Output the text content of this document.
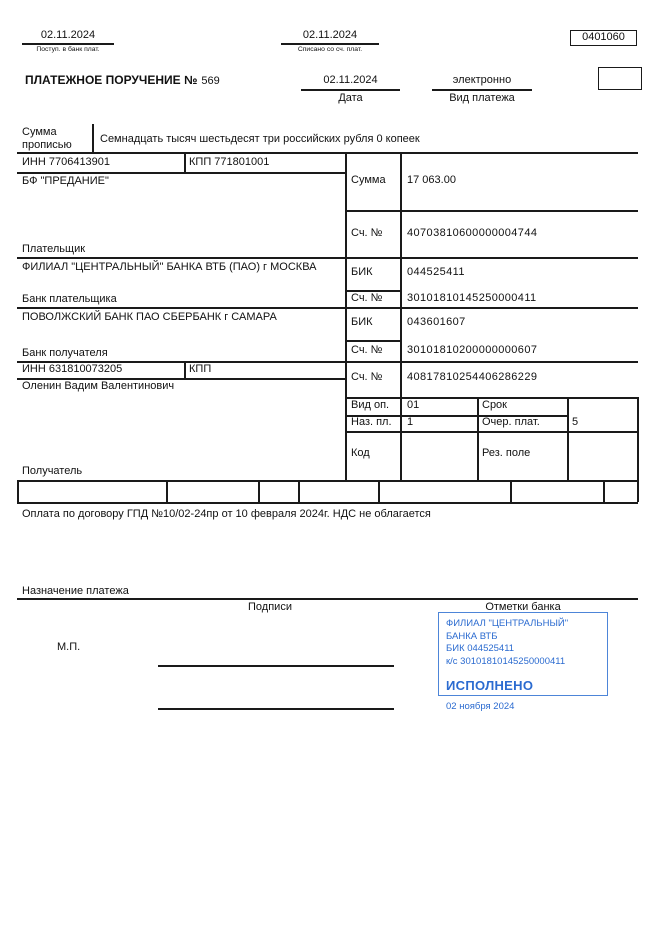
02.11.2024
Поступ. в банк плат.
02.11.2024
Списано со сч. плат.
0401060
ПЛАТЕЖНОЕ ПОРУЧЕНИЕ № 569	02.11.2024
Дата
электронно
Вид платежа
Сумма прописью	Семнадцать тысяч шестьдесят три российских рубля 0 копеек
ИНН 7706413901	КПП 771801001
БФ "ПРЕДАНИЕ"
Плательщик
ФИЛИАЛ "ЦЕНТРАЛЬНЫЙ" БАНКА ВТБ (ПАО) г МОСКВА
Банк плательщика
ПОВОЛЖСКИЙ БАНК ПАО СБЕРБАНК г САМАРА
Банк получателя
ИНН 631810073205	КПП
Оленин Вадим Валентинович
Получатель
Сумма 17 063.00
Сч. № 40703810600000004744
БИК	044525411
Сч. № 30101810145250000411
БИК	043601607
Сч. № 30101810200000000607
Сч. № 40817810254406286229
Вид оп. 01	Срок
Наз. пл. 1	Очер. плат.	5
Код	Рез. поле
Оплата по договору ГПД №10/02-24пр от 10 февраля 2024г. НДС не облагается
Назначение платежа
Подписи	Отметки банка
М.П.
ФИЛИАЛ "ЦЕНТРАЛЬНЫЙ" БАНКА ВТБ
БИК 044525411
к/с 30101810145250000411
ИСПОЛНЕНО
02 ноября 2024
